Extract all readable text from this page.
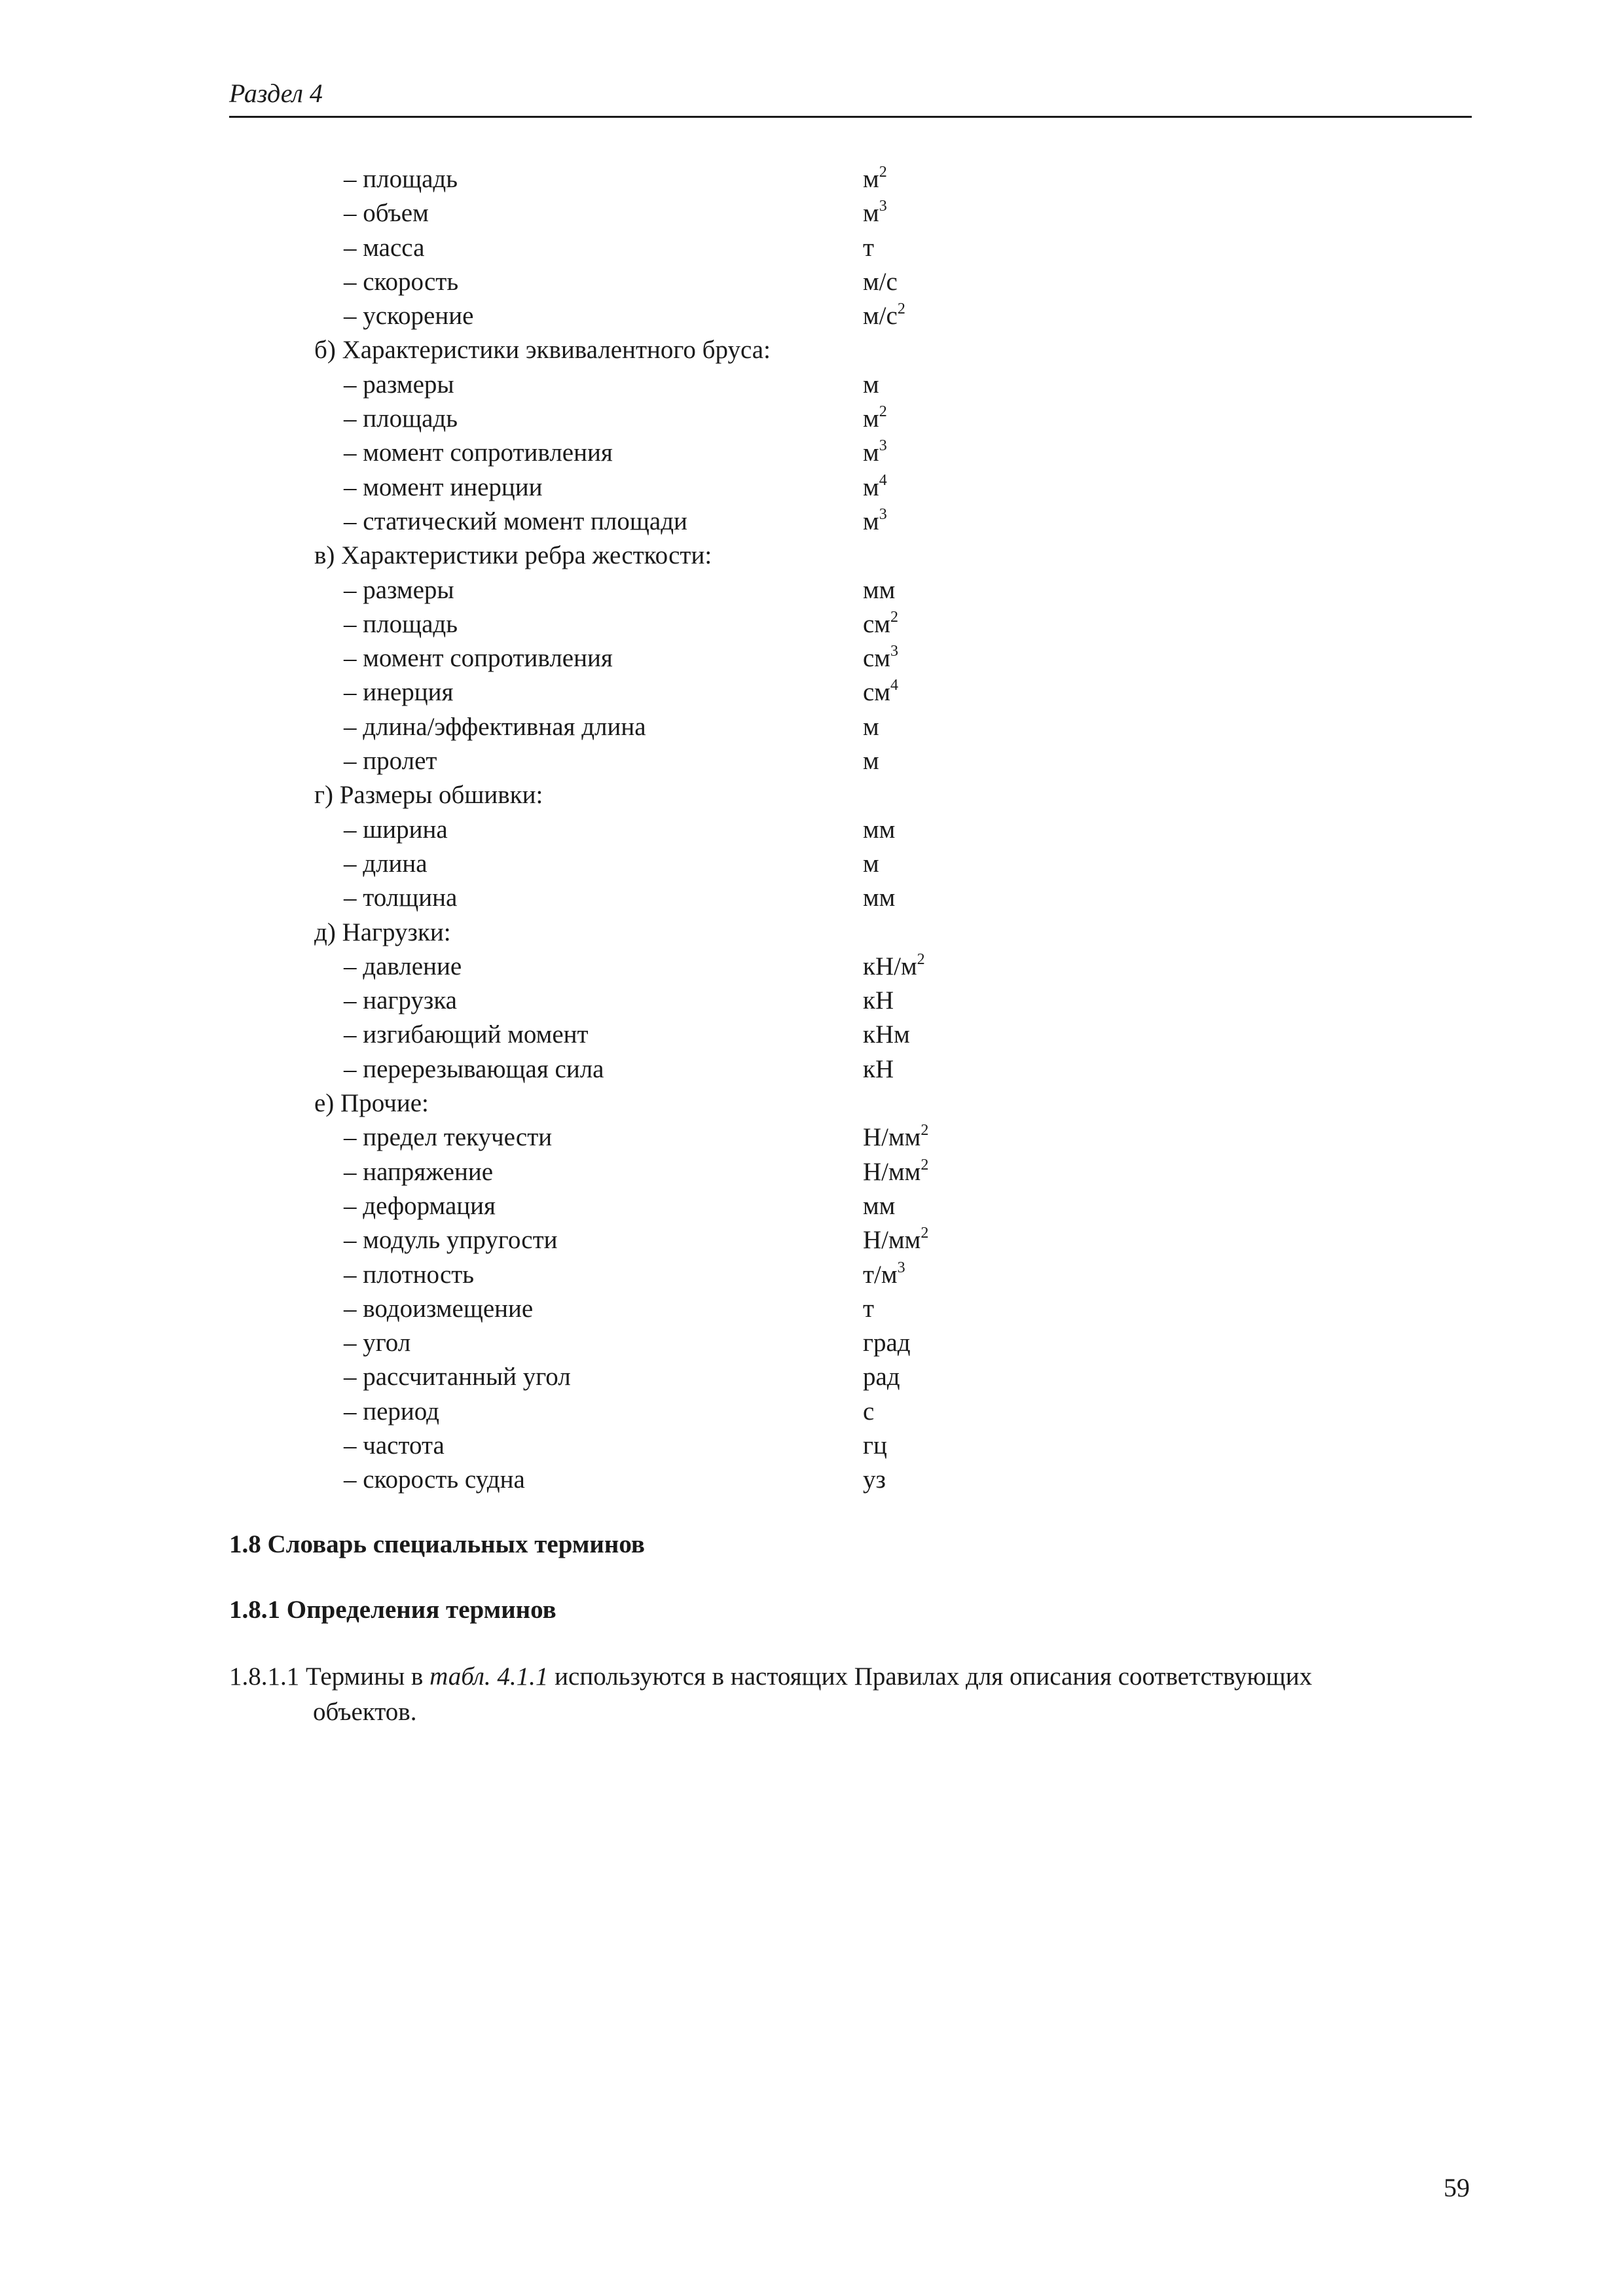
Раздел 4
– площадь	$м^2$
– объем	$м^3$
– масса	т
– скорость	м/с
– ускорение	$м/с^2$
б) Характеристики эквивалентного бруса:
– размеры	м
– площадь	$м^2$
– момент сопротивления	$м^3$
– момент инерции	$м^4$
– статический момент площади	$м^3$
в) Характеристики ребра жесткости:
– размеры	мм
– площадь	$см^2$
– момент сопротивления	$см^3$
– инерция	$см^4$
– длина/эффективная длина	м
– пролет	м
г) Размеры обшивки:
– ширина	мм
– длина	м
– толщина	мм
д) Нагрузки:
– давление	$кН/м^2$
– нагрузка	кН
– изгибающий момент	кНм
– перерезывающая сила	кН
е) Прочие:
– предел текучести	$Н/мм^2$
– напряжение	$Н/мм^2$
– деформация	мм
– модуль упругости	$Н/мм^2$
– плотность	$т/м^3$
– водоизмещение	т
– угол	град
– рассчитанный угол	рад
– период	с
– частота	гц
– скорость судна	уз
1.8 Словарь специальных терминов
1.8.1 Определения терминов
1.8.1.1 Термины в табл. 4.1.1 используются в настоящих Правилах для описания соответствующих
объектов.
59
